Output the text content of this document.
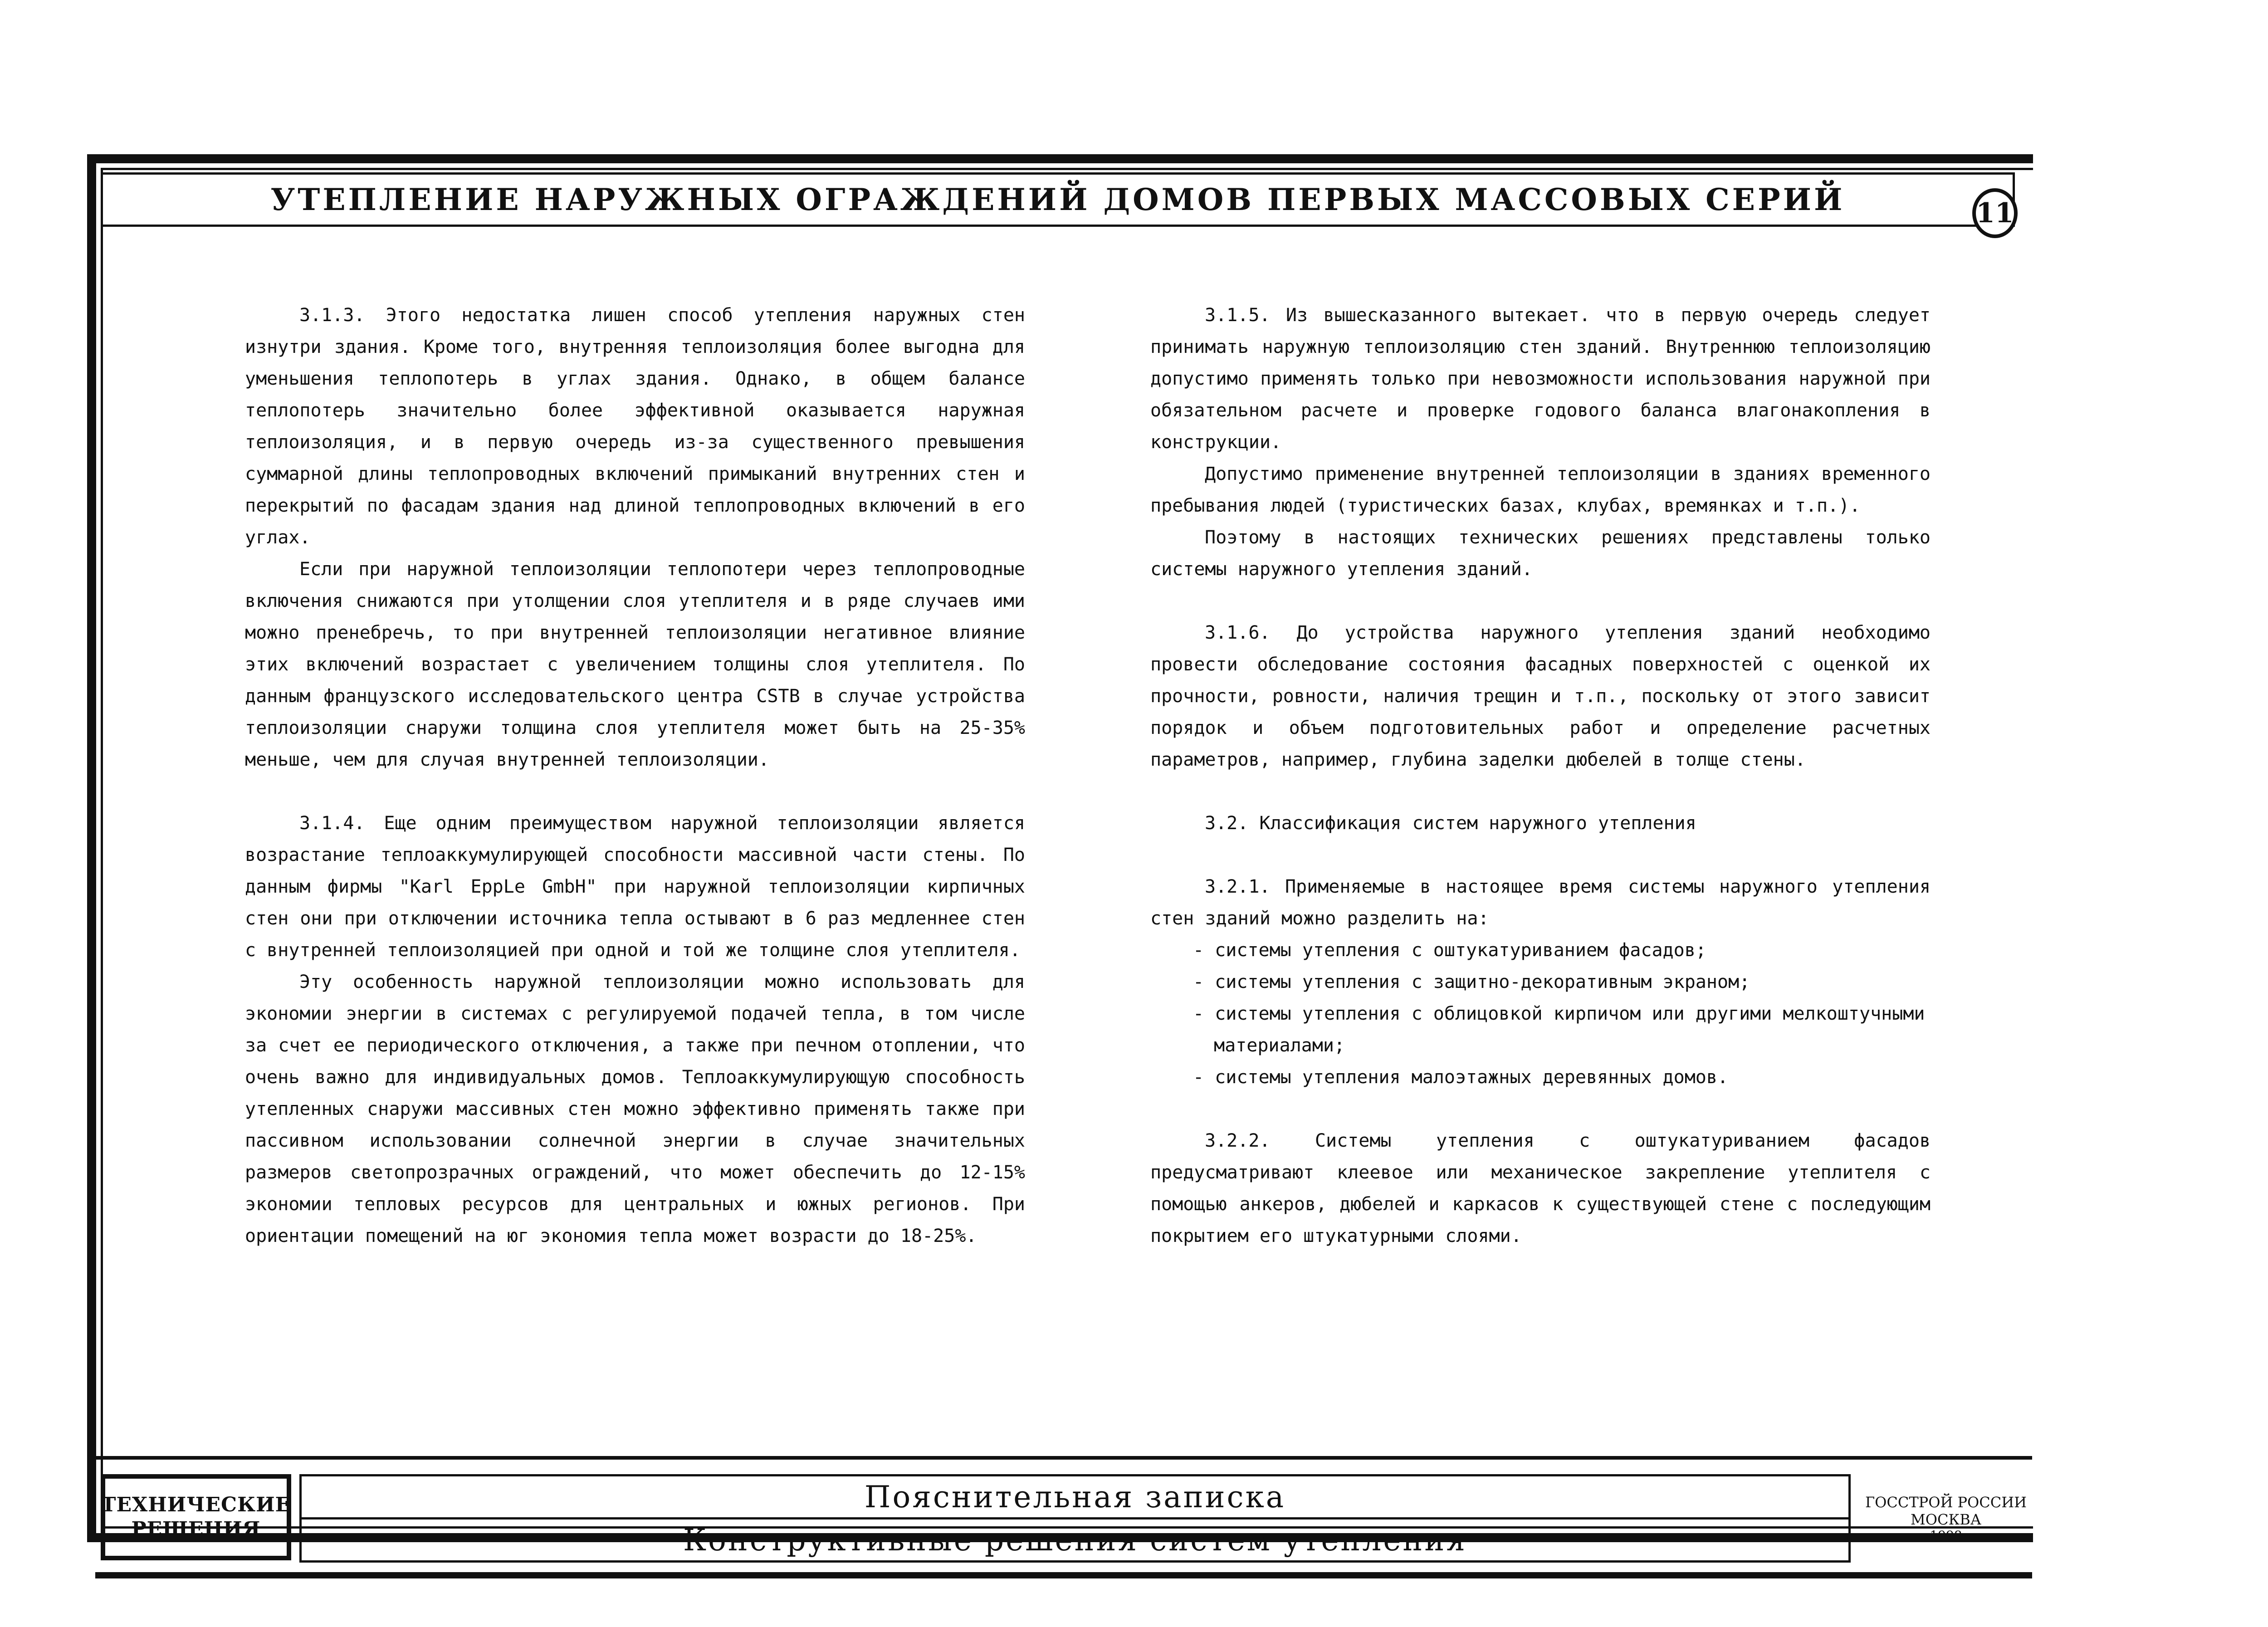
УТЕПЛЕНИЕ НАРУЖНЫХ ОГРАЖДЕНИЙ ДОМОВ ПЕРВЫХ МАССОВЫХ СЕРИЙ	11

3.1.3. Этого недостатка лишен способ утепления наружных стен изнутри здания. Кроме того, внутренняя теплоизоляция более выгодна для уменьшения теплопотерь в углах здания. Однако, в общем балансе теплопотерь значительно более эффективной оказывается наружная теплоизоляция, и в первую очередь из-за существенного превышения суммарной длины теплопроводных включений примыканий внутренних стен и перекрытий по фасадам здания над длиной теплопроводных включений в его углах.

Если при наружной теплоизоляции теплопотери через теплопроводные включения снижаются при утолщении слоя утеплителя и в ряде случаев ими можно пренебречь, то при внутренней теплоизоляции негативное влияние этих включений возрастает с увеличением толщины слоя утеплителя. По данным французского исследовательского центра CSTB в случае устройства теплоизоляции снаружи толщина слоя утеплителя может быть на 25-35% меньше, чем для случая внутренней теплоизоляции.

3.1.4. Еще одним преимуществом наружной теплоизоляции является возрастание теплоаккумулирующей способности массивной части стены. По данным фирмы "Karl EppLe GmbH" при наружной теплоизоляции кирпичных стен они при отключении источника тепла остывают в 6 раз медленнее стен с внутренней теплоизоляцией при одной и той же толщине слоя утеплителя.

Эту особенность наружной теплоизоляции можно использовать для экономии энергии в системах с регулируемой подачей тепла, в том числе за счет ее периодического отключения, а также при печном отоплении, что очень важно для индивидуальных домов. Теплоаккумулирующую способность утепленных снаружи массивных стен можно эффективно применять также при пассивном использовании солнечной энергии в случае значительных размеров светопрозрачных ограждений, что может обеспечить до 12-15% экономии тепловых ресурсов для центральных и южных регионов. При ориентации помещений на юг экономия тепла может возрасти до 18-25%.

3.1.5. Из вышесказанного вытекает. что в первую очередь следует принимать наружную теплоизоляцию стен зданий. Внутреннюю теплоизоляцию допустимо применять только при невозможности использования наружной при обязательном расчете и проверке годового баланса влагонакопления в конструкции.

Допустимо применение внутренней теплоизоляции в зданиях временного пребывания людей (туристических базах, клубах, времянках и т.п.).

Поэтому в настоящих технических решениях представлены только системы наружного утепления зданий.

3.1.6. До устройства наружного утепления зданий необходимо провести обследование состояния фасадных поверхностей с оценкой их прочности, ровности, наличия трещин и т.п., поскольку от этого зависит порядок и объем подготовительных работ и определение расчетных параметров, например, глубина заделки дюбелей в толще стены.

3.2. Классификация систем наружного утепления

3.2.1. Применяемые в настоящее время системы наружного утепления стен зданий можно разделить на:

- системы утепления с оштукатуриванием фасадов;

- системы утепления с защитно-декоративным экраном;

- системы утепления с облицовкой кирпичом или другими мелкоштучными материалами;

- системы утепления малоэтажных деревянных домов.

3.2.2. Системы утепления с оштукатуриванием фасадов предусматривают клеевое или механическое закрепление утеплителя с помощью анкеров, дюбелей и каркасов к существующей стене с последующим покрытием его штукатурными слоями.

ТЕХНИЧЕСКИЕ
РЕШЕНИЯ
Пояснительная записка
Конструктивные решения систем утепления
ГОССТРОЙ РОССИИ
МОСКВА
1998
